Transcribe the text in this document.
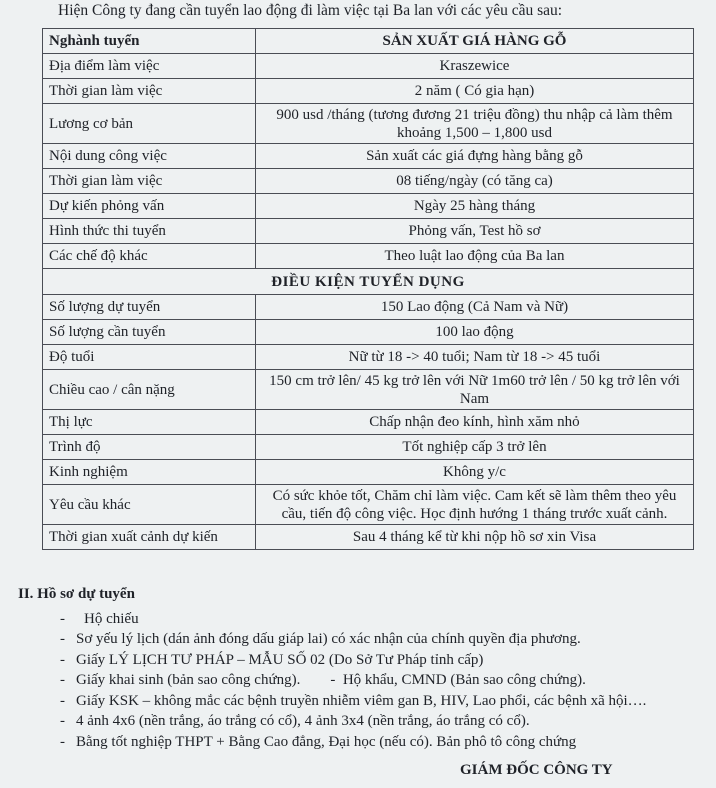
Hiện Công ty đang cần tuyển lao động đi làm việc tại Ba lan với các yêu cầu sau:
Nghành tuyển	SẢN XUẤT GIÁ HÀNG GỖ
Địa điểm làm việc	Kraszewice
Thời gian làm việc	2 năm ( Có gia hạn)
Lương cơ bản	900 usd /tháng (tương đương 21 triệu đồng) thu nhập cả làm thêm khoảng 1,500 – 1,800 usd
Nội dung công việc	Sản xuất các giá đựng hàng bằng gỗ
Thời gian làm việc	08 tiếng/ngày (có tăng ca)
Dự kiến phỏng vấn	Ngày 25 hàng tháng
Hình thức thi tuyển	Phỏng vấn, Test hồ sơ
Các chế độ khác	Theo luật lao động của Ba lan
ĐIỀU KIỆN TUYỂN DỤNG	
Số lượng dự tuyển	150 Lao động (Cả Nam và Nữ)
Số lượng cần tuyển	100 lao động
Độ tuổi	Nữ từ 18 -> 40 tuổi; Nam từ 18 -> 45 tuổi
Chiều cao / cân nặng	150 cm trở lên/ 45 kg trở lên với Nữ 1m60 trở lên / 50 kg trở lên với Nam
Thị lực	Chấp nhận đeo kính, hình xăm nhỏ
Trình độ	Tốt nghiệp cấp 3 trở lên
Kinh nghiệm	Không y/c
Yêu cầu khác	Có sức khỏe tốt, Chăm chỉ làm việc. Cam kết sẽ làm thêm theo yêu cầu, tiến độ công việc. Học định hướng 1 tháng trước xuất cảnh.
Thời gian xuất cảnh dự kiến	Sau 4 tháng kể từ khi nộp hồ sơ xin Visa
II. Hồ sơ dự tuyển
- Hộ chiếu
- Sơ yếu lý lịch (dán ảnh đóng dấu giáp lai) có xác nhận của chính quyền địa phương.
- Giấy LÝ LỊCH TƯ PHÁP – MẪU SỐ 02 (Do Sở Tư Pháp tỉnh cấp)
- Giấy khai sinh (bản sao công chứng).        -  Hộ khẩu, CMND (Bản sao công chứng).
- Giấy KSK – không mắc các bệnh truyền nhiễm viêm gan B, HIV, Lao phổi, các bệnh xã hội….
- 4 ảnh 4x6 (nền trắng, áo trắng có cổ), 4 ảnh 3x4 (nền trắng, áo trắng có cổ).
- Bằng tốt nghiệp THPT + Bằng Cao đẳng, Đại học (nếu có). Bản phô tô công chứng
GIÁM ĐỐC CÔNG TY
